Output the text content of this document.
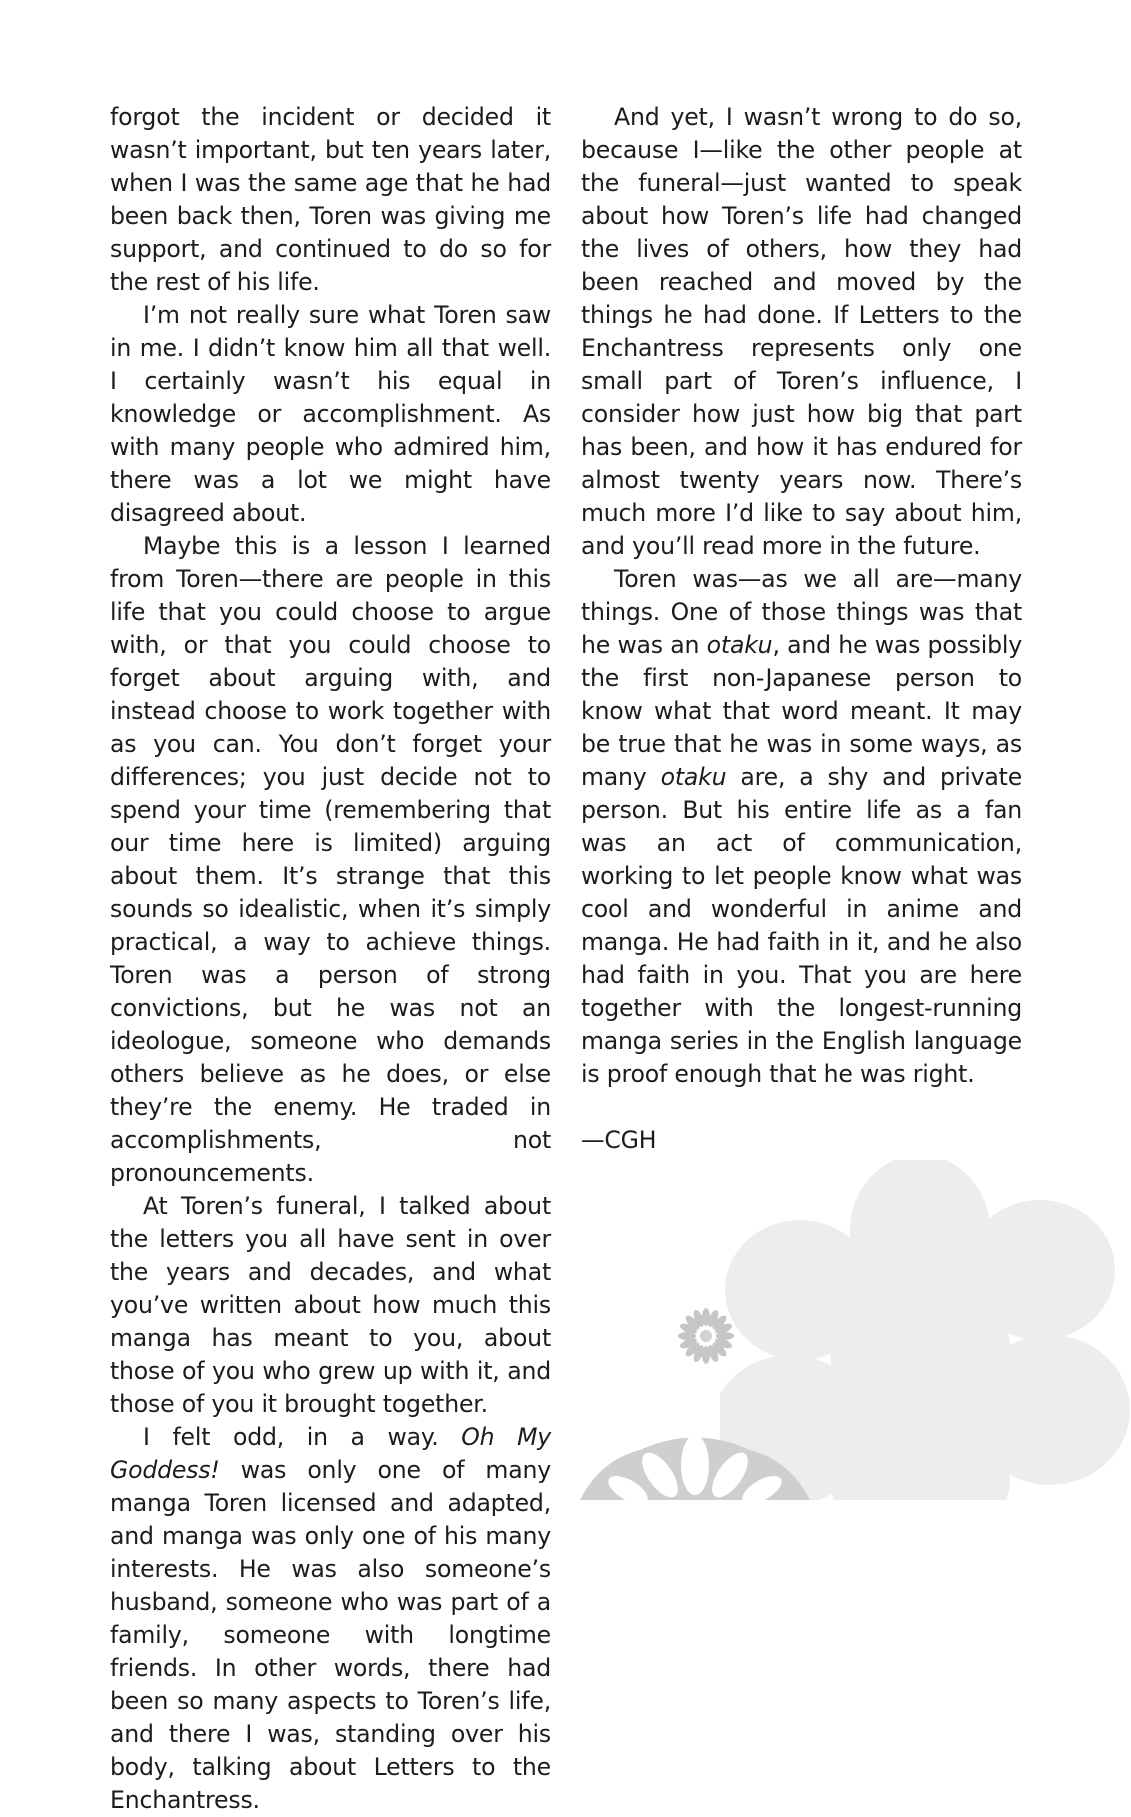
forgot the incident or decided it wasn’t important, but ten years later, when I was the same age that he had been back then, Toren was giving me support, and continued to do so for the rest of his life.

I’m not really sure what Toren saw in me. I didn’t know him all that well. I certainly wasn’t his equal in knowledge or accomplishment. As with many people who admired him, there was a lot we might have disagreed about.

Maybe this is a lesson I learned from Toren—there are people in this life that you could choose to argue with, or that you could choose to forget about arguing with, and instead choose to work together with as you can. You don’t forget your differences; you just decide not to spend your time (remembering that our time here is limited) arguing about them. It’s strange that this sounds so idealistic, when it’s simply practical, a way to achieve things. Toren was a person of strong convictions, but he was not an ideologue, someone who demands others believe as he does, or else they’re the enemy. He traded in accomplishments, not pronouncements.

At Toren’s funeral, I talked about the letters you all have sent in over the years and decades, and what you’ve written about how much this manga has meant to you, about those of you who grew up with it, and those of you it brought together.

I felt odd, in a way. Oh My Goddess! was only one of many manga Toren licensed and adapted, and manga was only one of his many interests. He was also someone’s husband, someone who was part of a family, someone with longtime friends. In other words, there had been so many aspects to Toren’s life, and there I was, standing over his body, talking about Letters to the Enchantress.

And yet, I wasn’t wrong to do so, because I—like the other people at the funeral—just wanted to speak about how Toren’s life had changed the lives of others, how they had been reached and moved by the things he had done. If Letters to the Enchantress represents only one small part of Toren’s influence, I consider how just how big that part has been, and how it has endured for almost twenty years now. There’s much more I’d like to say about him, and you’ll read more in the future.

Toren was—as we all are—many things. One of those things was that he was an otaku, and he was possibly the first non-Japanese person to know what that word meant. It may be true that he was in some ways, as many otaku are, a shy and private person. But his entire life as a fan was an act of communication, working to let people know what was cool and wonderful in anime and manga. He had faith in it, and he also had faith in you. That you are here together with the longest-running manga series in the English language is proof enough that he was right.

—CGH
